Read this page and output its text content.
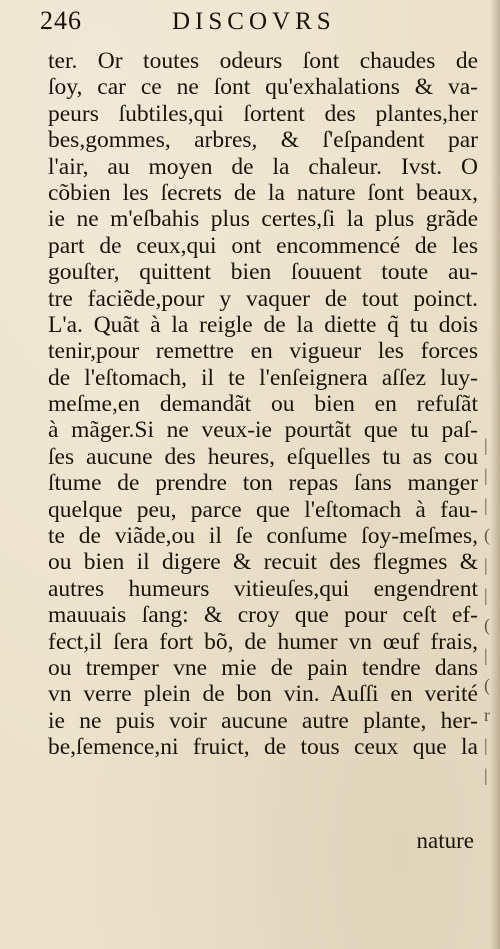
246	DISCOVRS
ter. Or toutes odeurs ſont chaudes de
ſoy, car ce ne ſont qu'exhalations & va-
peurs ſubtiles,qui ſortent des plantes,her
bes,gommes, arbres, & ſ'eſpandent par
l'air, au moyen de la chaleur. Ivst. O
cõbien les ſecrets de la nature ſont beaux,
ie ne m'eſbahis plus certes,ſi la plus grãde
part de ceux,qui ont encommencé de les
gouſter, quittent bien ſouuent toute au-
tre faciẽde,pour y vaquer de tout poinct.
L'a. Quãt à la reigle de la diette q̃ tu dois
tenir,pour remettre en vigueur les forces
de l'eſtomach, il te l'enſeignera aſſez luy-
meſme,en demandãt ou bien en refuſãt
à mãger.Si ne veux-ie pourtãt que tu paſ-
ſes aucune des heures, eſquelles tu as cou
ſtume de prendre ton repas ſans manger
quelque peu, parce que l'eſtomach à fau-
te de viãde,ou il ſe conſume ſoy-meſmes,
ou bien il digere & recuit des flegmes &
autres humeurs vitieuſes,qui engendrent
mauuais ſang: & croy que pour ceſt ef-
fect,il ſera fort bõ, de humer vn œuf frais,
ou tremper vne mie de pain tendre dans
vn verre plein de bon vin. Auſſi en verité
ie ne puis voir aucune autre plante, her-
be,ſemence,ni fruict, de tous ceux que la
nature
|
|
|
(
|
|
(
|
(
r
|
|
